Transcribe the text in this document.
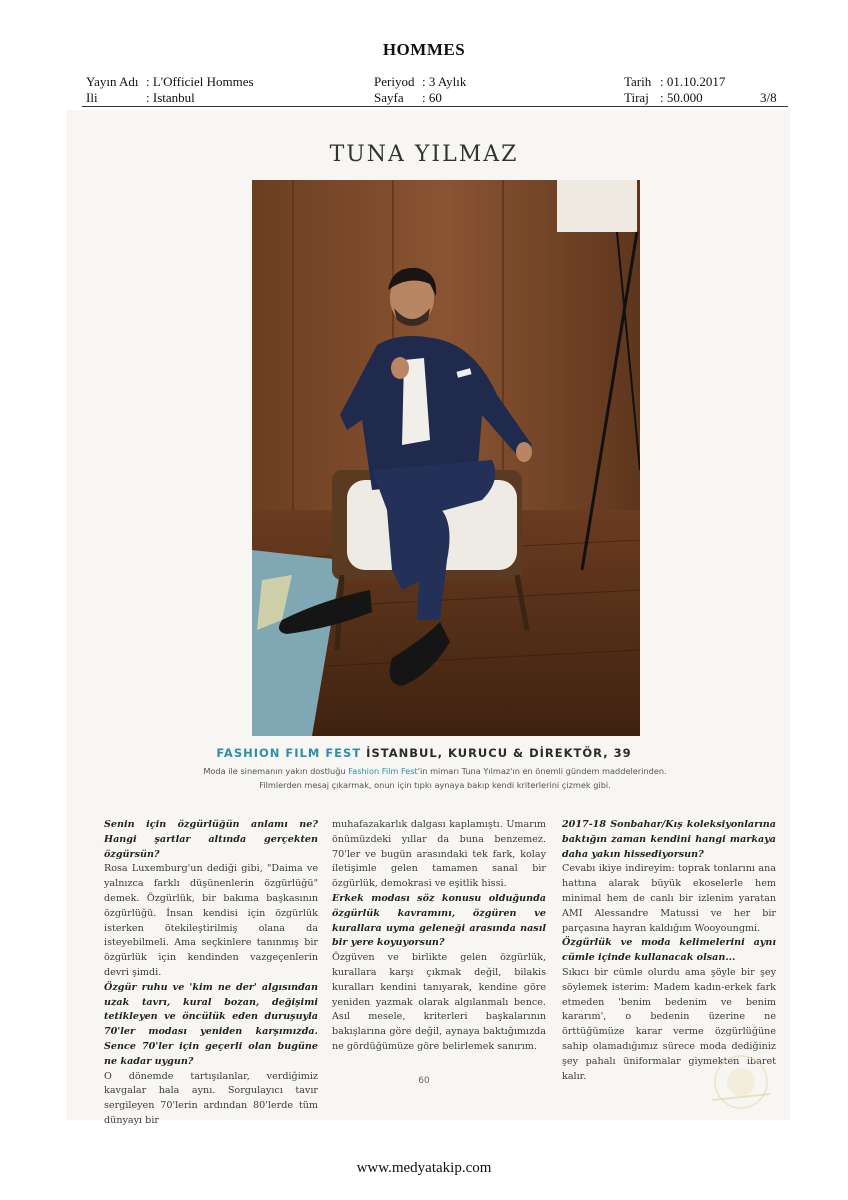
HOMMES
Yayın Adı : L'Officiel Hommes
Ili	: Istanbul
Periyod : 3 Aylık
Sayfa : 60
Tarih : 01.10.2017
Tiraj : 50.000	3/8
TUNA YILMAZ
FASHION FILM FEST İSTANBUL, KURUCU & DİREKTÖR, 39
Moda ile sinemanın yakın dostluğu Fashion Film Fest'in mimarı Tuna Yılmaz'ın en önemli gündem maddelerinden.
Filmlerden mesaj çıkarmak, onun için tıpkı aynaya bakıp kendi kriterlerini çizmek gibi.

Senin için özgürlüğün anlamı ne? Hangi şartlar altında gerçekten özgürsün?

Rosa Luxemburg'un dediği gibi, "Daima ve yalnızca farklı düşünenlerin özgürlüğü" demek. Özgürlük, bir bakıma başkasının özgürlüğü. İnsan kendisi için özgürlük isterken ötekileştirilmiş olana da isteyebilmeli. Ama seçkinlere tanınmış bir özgürlük için kendinden vazgeçenlerin devri şimdi.

Özgür ruhu ve 'kim ne der' algısından uzak tavrı, kural bozan, değişimi tetikleyen ve öncülük eden duruşuyla 70'ler modası yeniden karşımızda. Sence 70'ler için geçerli olan bugüne ne kadar uygun?

O dönemde tartışılanlar, verdiğimiz kavgalar hala aynı. Sorgulayıcı tavır sergileyen 70'lerin ardından 80'lerde tüm dünyayı bir

muhafazakarlık dalgası kaplamıştı. Umarım önümüzdeki yıllar da buna benzemez. 70'ler ve bugün arasındaki tek fark, kolay iletişimle gelen tamamen sanal bir özgürlük, demokrasi ve eşitlik hissi.

Erkek modası söz konusu olduğunda özgürlük kavramını, özgüren ve kurallara uyma geleneği arasında nasıl bir yere koyuyorsun?

Özgüven ve birlikte gelen özgürlük, kurallara karşı çıkmak değil, bilakis kuralları kendini tanıyarak, kendine göre yeniden yazmak olarak algılanmalı bence. Asıl mesele, kriterleri başkalarının bakışlarına göre değil, aynaya baktığımızda ne gördüğümüze göre belirlemek sanırım.

2017-18 Sonbahar/Kış koleksiyonlarına baktığın zaman kendini hangi markaya daha yakın hissediyorsun?

Cevabı ikiye indireyim: toprak tonlarını ana hattına alarak büyük ekoselerle hem minimal hem de canlı bir izlenim yaratan AMI Alessandre Matussi ve her bir parçasına hayran kaldığım Wooyoungmi.

Özgürlük ve moda kelimelerini aynı cümle içinde kullanacak olsan...

Sıkıcı bir cümle olurdu ama şöyle bir şey söylemek isterim: Madem kadın-erkek fark etmeden 'benim bedenim ve benim kararım', o bedenin üzerine ne örttüğümüze karar verme özgürlüğüne sahip olamadığımız sürece moda dediğiniz şey pahalı üniformalar giymekten ibaret kalır.

60
www.medyatakip.com
